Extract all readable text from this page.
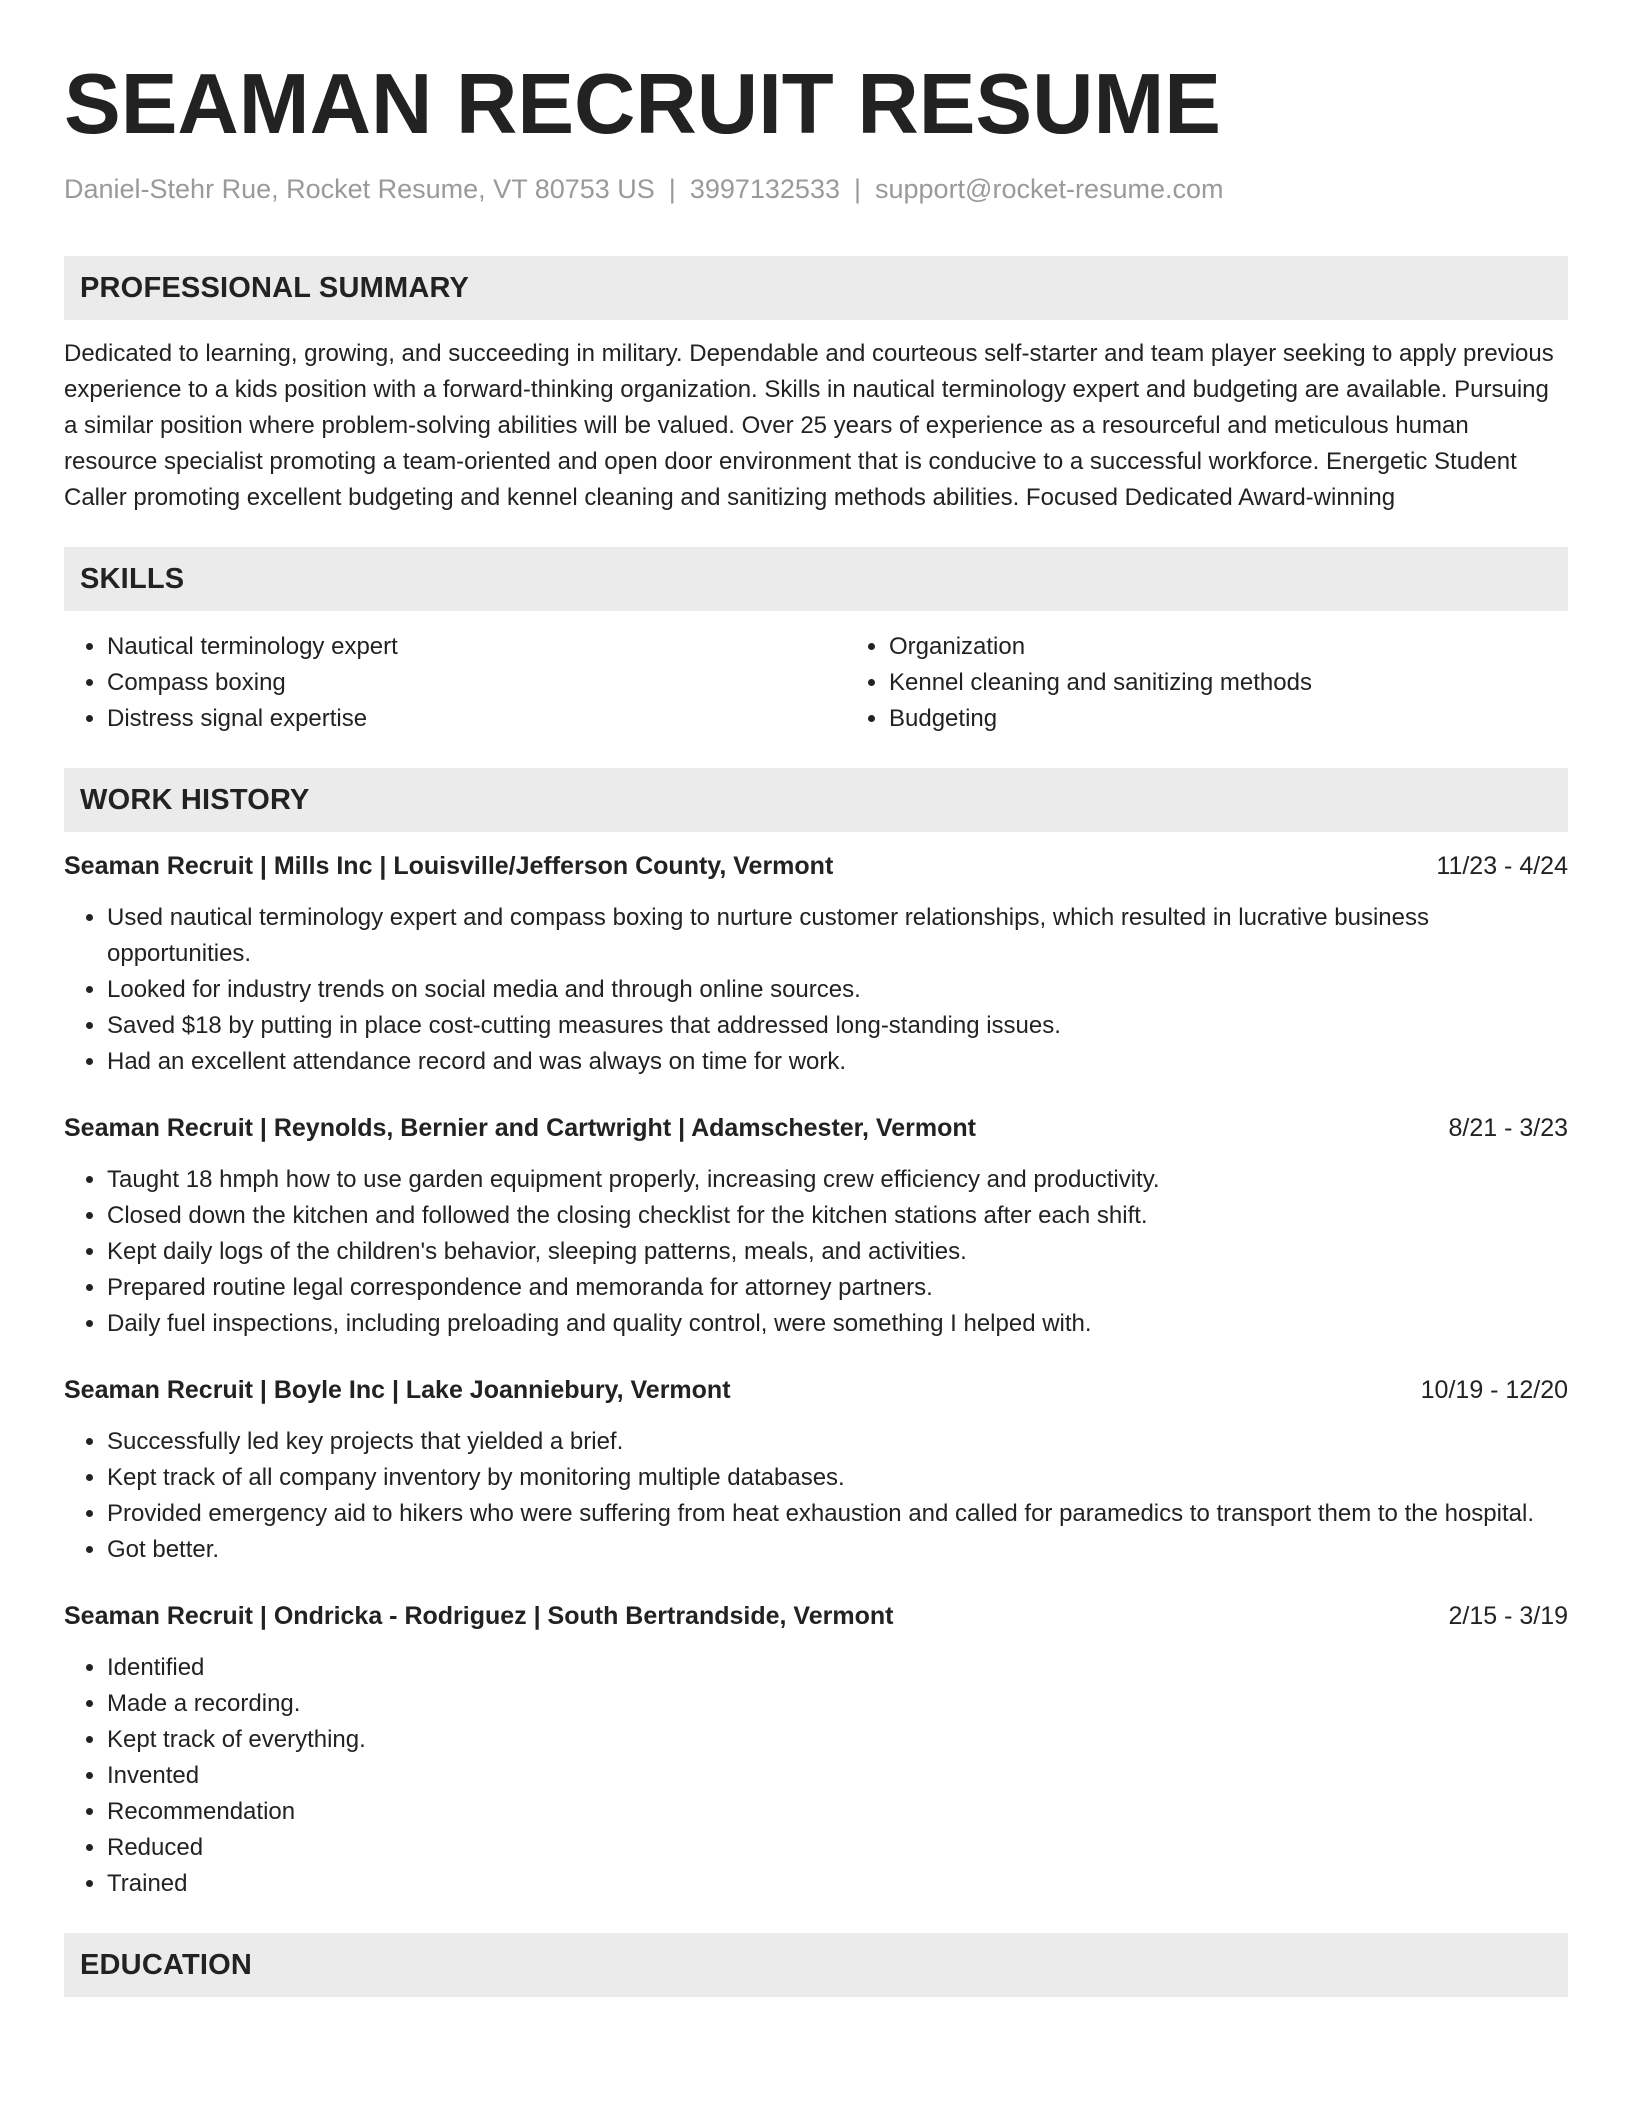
SEAMAN RECRUIT RESUME
Daniel-Stehr Rue, Rocket Resume, VT 80753 US | 3997132533 | support@rocket-resume.com
PROFESSIONAL SUMMARY

Dedicated to learning, growing, and succeeding in military. Dependable and courteous self-starter and team player seeking to apply previous experience to a kids position with a forward-thinking organization. Skills in nautical terminology expert and budgeting are available. Pursuing a similar position where problem-solving abilities will be valued. Over 25 years of experience as a resourceful and meticulous human resource specialist promoting a team-oriented and open door environment that is conducive to a successful workforce. Energetic Student Caller promoting excellent budgeting and kennel cleaning and sanitizing methods abilities. Focused Dedicated Award-winning

SKILLS
• Nautical terminology expert
• Compass boxing
• Distress signal expertise
• Organization
• Kennel cleaning and sanitizing methods
• Budgeting
WORK HISTORY
Seaman Recruit | Mills Inc | Louisville/Jefferson County, Vermont	11/23 - 4/24
• Used nautical terminology expert and compass boxing to nurture customer relationships, which resulted in lucrative business opportunities.
• Looked for industry trends on social media and through online sources.
• Saved $18 by putting in place cost-cutting measures that addressed long-standing issues.
• Had an excellent attendance record and was always on time for work.
Seaman Recruit | Reynolds, Bernier and Cartwright | Adamschester, Vermont	8/21 - 3/23
• Taught 18 hmph how to use garden equipment properly, increasing crew efficiency and productivity.
• Closed down the kitchen and followed the closing checklist for the kitchen stations after each shift.
• Kept daily logs of the children's behavior, sleeping patterns, meals, and activities.
• Prepared routine legal correspondence and memoranda for attorney partners.
• Daily fuel inspections, including preloading and quality control, were something I helped with.
Seaman Recruit | Boyle Inc | Lake Joanniebury, Vermont	10/19 - 12/20
• Successfully led key projects that yielded a brief.
• Kept track of all company inventory by monitoring multiple databases.
• Provided emergency aid to hikers who were suffering from heat exhaustion and called for paramedics to transport them to the hospital.
• Got better.
Seaman Recruit | Ondricka - Rodriguez | South Bertrandside, Vermont	2/15 - 3/19
• Identified
• Made a recording.
• Kept track of everything.
• Invented
• Recommendation
• Reduced
• Trained
EDUCATION
